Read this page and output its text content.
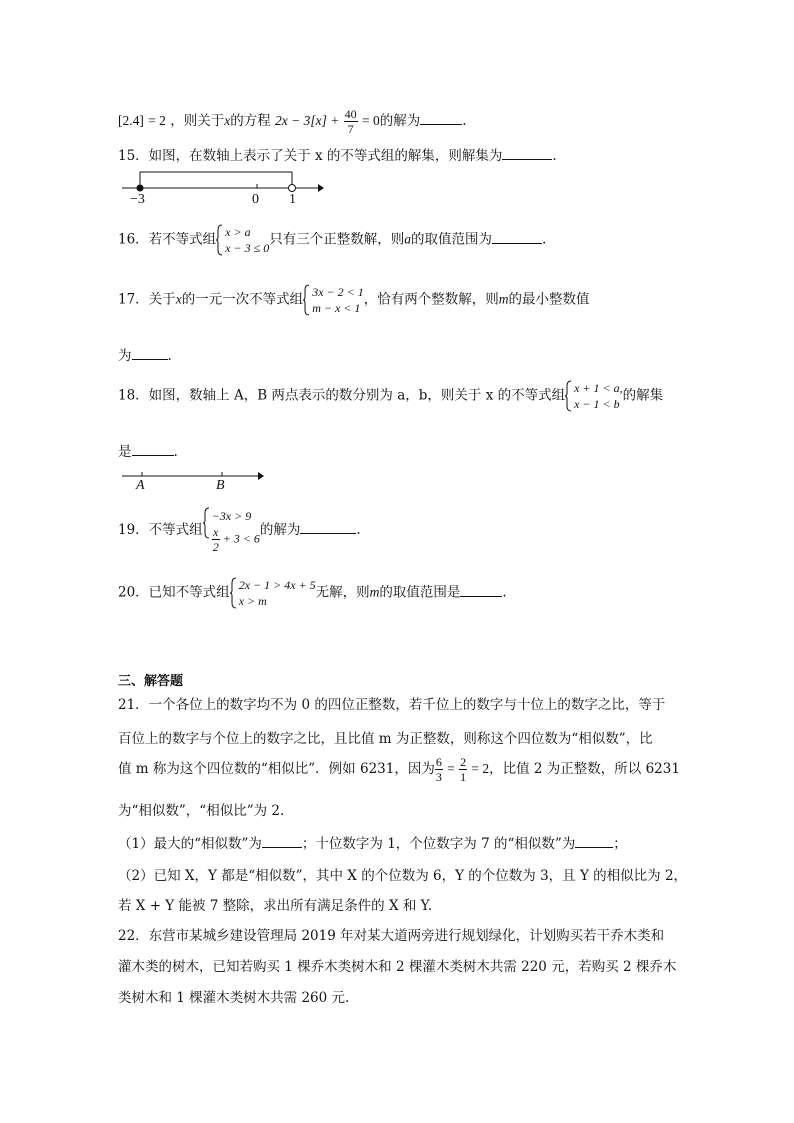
[2.4] = 2 ，则关于x的方程 $2x - 3[x] + \frac{40}{7} = 0$的解为	.
15．如图，在数轴上表示了关于 x 的不等式组的解集，则解集为	.
−3	0 1
16．若不等式组 x > a
x − 3 ≤ 0
只有三个正整数解，则a的取值范围为	.
17．关于x的一元一次不等式组 3x − 2 < 1
m − x < 1
，恰有两个整数解，则m的最小整数值
为	.
18．如图，数轴上 A，B 两点表示的数分别为 a，b，则关于 x 的不等式组 x + 1 < a,
x − 1 < b
的解集
是	.
A	B
19．不等式组
−3x > 9
$\frac{x}{2} + 3 < 6$
的解为	.
20．已知不等式组 2x − 1 > 4x + 5
x > m
无解，则m的取值范围是	.
三、解答题
21．一个各位上的数字均不为 0 的四位正整数，若千位上的数字与十位上的数字之比，等于
百位上的数字与个位上的数字之比，且比值 m 为正整数，则称这个四位数为“相似数”，比
值 m 称为这个四位数的“相似比”．例如 6231，因为 $\frac{6}{3} = \frac{2}{1} = 2$，比值 2 为正整数，所以 6231
为“相似数”，“相似比”为 2.
（1）最大的“相似数”为	；十位数字为 1，个位数字为 7 的“相似数”为	；
（2）已知 X，Y 都是“相似数”，其中 X 的个位数为 6，Y 的个位数为 3，且 Y 的相似比为 2，
若 X + Y 能被 7 整除，求出所有满足条件的 X 和 Y.
22．东营市某城乡建设管理局 2019 年对某大道两旁进行规划绿化，计划购买若干乔木类和
灌木类的树木，已知若购买 1 棵乔木类树木和 2 棵灌木类树木共需 220 元，若购买 2 棵乔木
类树木和 1 棵灌木类树木共需 260 元.
